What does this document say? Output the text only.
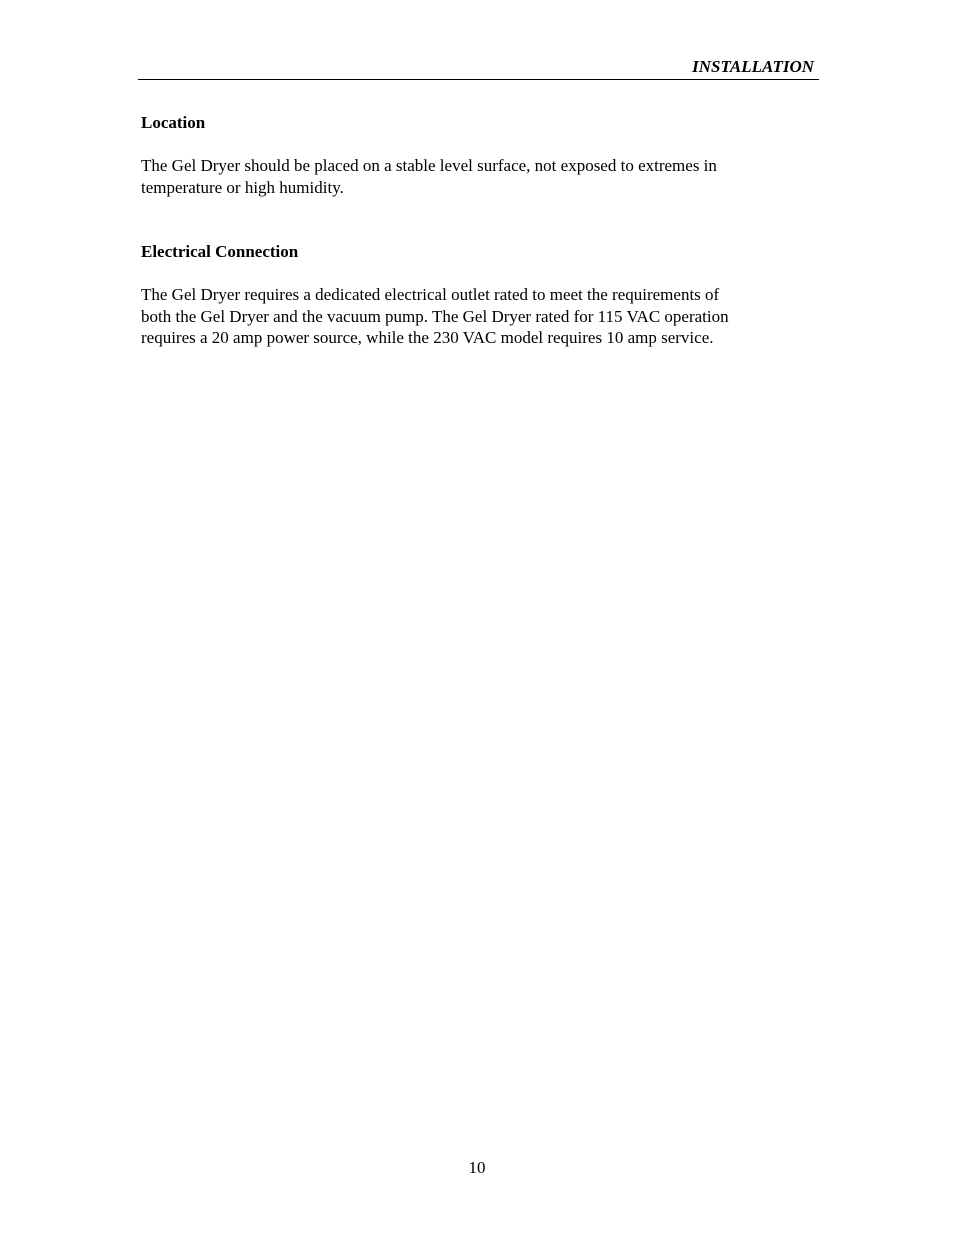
INSTALLATION
Location
The Gel Dryer should be placed on a stable level surface, not exposed to extremes in
temperature or high humidity.
Electrical Connection
The Gel Dryer requires a dedicated electrical outlet rated to meet the requirements of
both the Gel Dryer and the vacuum pump. The Gel Dryer rated for 115 VAC operation
requires a 20 amp power source, while the 230 VAC model requires 10 amp service.
10
